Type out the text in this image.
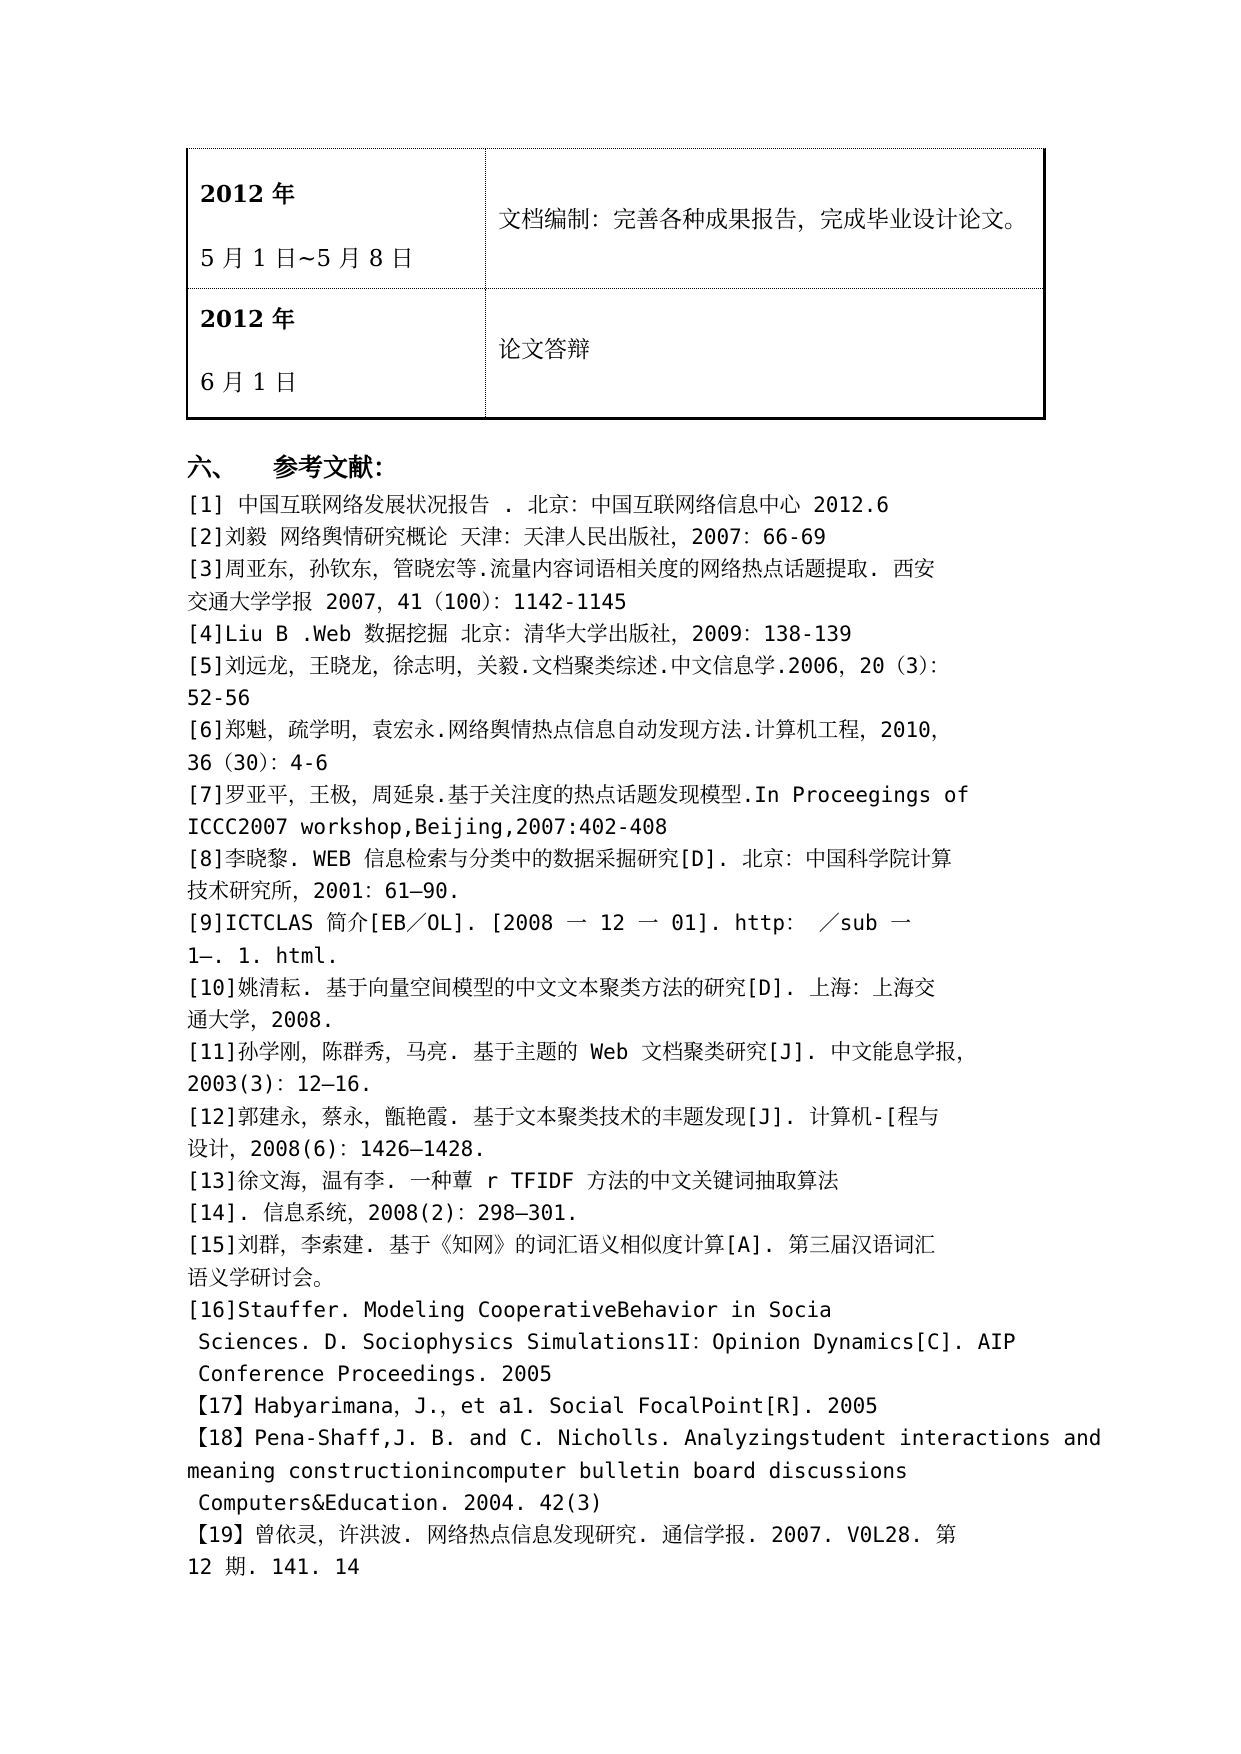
2012 年
5 月 1 日~5 月 8 日
文档编制：完善各种成果报告，完成毕业设计论文。
2012 年
6 月 1 日
论文答辩
六、 参考文献：
[1] 中国互联网络发展状况报告 . 北京：中国互联网络信息中心 2012.6
[2]刘毅 网络舆情研究概论 天津：天津人民出版社，2007：66-69
[3]周亚东，孙钦东，管晓宏等.流量内容词语相关度的网络热点话题提取. 西安
交通大学学报 2007，41（100）：1142-1145
[4]Liu B .Web 数据挖掘 北京：清华大学出版社，2009：138-139
[5]刘远龙，王晓龙，徐志明，关毅.文档聚类综述.中文信息学.2006，20（3）：
52-56
[6]郑魁，疏学明，袁宏永.网络舆情热点信息自动发现方法.计算机工程，2010，
36（30）：4-6
[7]罗亚平，王极，周延泉.基于关注度的热点话题发现模型.In Proceegings of
ICCC2007 workshop,Beijing,2007:402-408
[8]李晓黎. WEB 信息检索与分类中的数据采掘研究[D]. 北京：中国科学院计算
技术研究所，2001：61—90.
[9]ICTCLAS 简介[EB／OL]. [2008 一 12 一 01]. http： ／sub 一
1—. 1. html.
[10]姚清耘. 基于向量空间模型的中文文本聚类方法的研究[D]. 上海：上海交
通大学，2008.
[11]孙学刚，陈群秀，马亮. 基于主题的 Web 文档聚类研究[J]. 中文能息学报，
2003(3)：12—16.
[12]郭建永，蔡永，甑艳霞. 基于文本聚类技术的丰题发现[J]. 计算机-[程与
设计，2008(6)：1426—1428.
[13]徐文海，温有李. 一种蕈 r TFIDF 方法的中文关键词抽取算法
[14]. 信息系统，2008(2)：298—301.
[15]刘群，李索建. 基于《知网》的词汇语义相似度计算[A]. 第三届汉语词汇
语义学研讨会。
[16]Stauffer. Modeling CooperativeBehavior in Socia
Sciences. D. Sociophysics Simulations1I：Opinion Dynamics[C]. AIP
Conference Proceedings. 2005
【17】Habyarimana，J.，et a1. Social FocalPoint[R]. 2005
【18】Pena-Shaff,J. B. and C. Nicholls. Analyzingstudent interactions and
meaning constructionincomputer bulletin board discussions
Computers&Education. 2004. 42(3)
【19】曾依灵，许洪波. 网络热点信息发现研究. 通信学报. 2007. V0L28. 第
12 期. 141. 14
